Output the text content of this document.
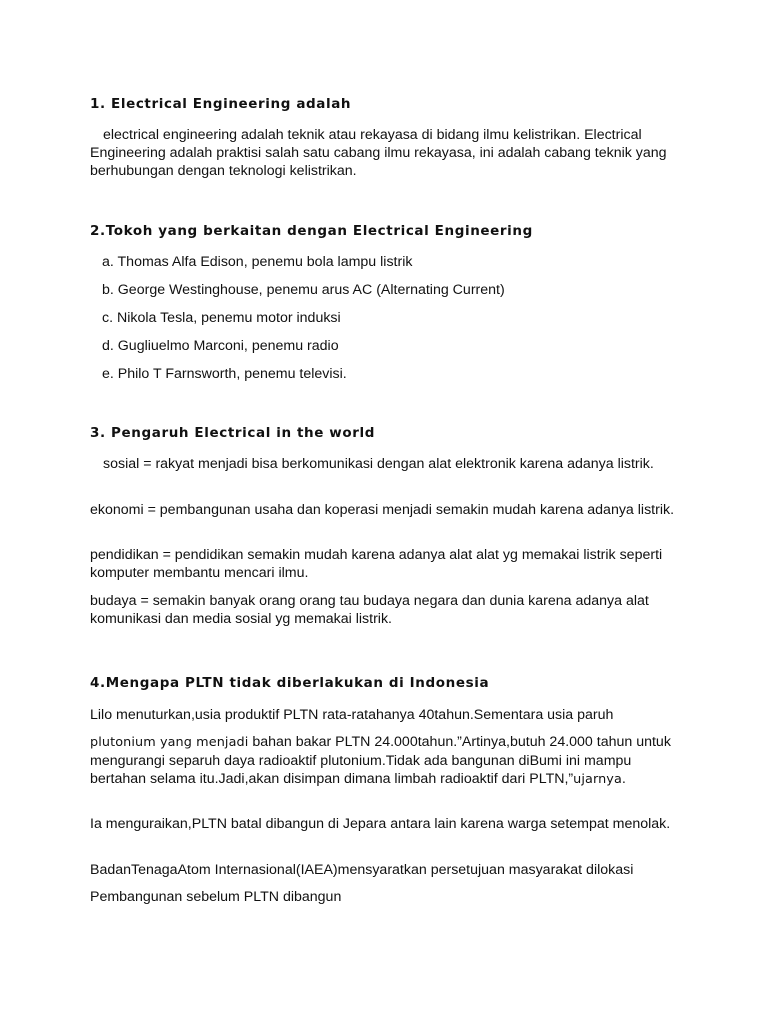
1. Electrical Engineering adalah

electrical engineering adalah teknik atau rekayasa di bidang ilmu kelistrikan. Electrical Engineering adalah praktisi salah satu cabang ilmu rekayasa, ini adalah cabang teknik yang berhubungan dengan teknologi kelistrikan.

2.Tokoh yang berkaitan dengan Electrical Engineering

a. Thomas Alfa Edison, penemu bola lampu listrik

b. George Westinghouse, penemu arus AC (Alternating Current)

c. Nikola Tesla, penemu motor induksi

d. Gugliuelmo Marconi, penemu radio

e. Philo T Farnsworth, penemu televisi.

3. Pengaruh Electrical in the world

sosial = rakyat menjadi bisa berkomunikasi dengan alat elektronik karena adanya listrik.

ekonomi = pembangunan usaha dan koperasi menjadi semakin mudah karena adanya listrik.

pendidikan = pendidikan semakin mudah karena adanya alat alat yg memakai listrik seperti komputer membantu mencari ilmu.

budaya = semakin banyak orang orang tau budaya negara dan dunia karena adanya alat komunikasi dan media sosial yg memakai listrik.

4.Mengapa PLTN tidak diberlakukan di Indonesia

Lilo menuturkan,usia produktif PLTN rata-ratahanya 40tahun.Sementara usia paruh

plutonium yang menjadi bahan bakar PLTN 24.000tahun.”Artinya,butuh 24.000 tahun untuk mengurangi separuh daya radioaktif plutonium.Tidak ada bangunan diBumi ini mampu bertahan selama itu.Jadi,akan disimpan dimana limbah radioaktif dari PLTN,”ujarnya.

Ia menguraikan,PLTN batal dibangun di Jepara antara lain karena warga setempat menolak.

BadanTenagaAtom Internasional(IAEA)mensyaratkan persetujuan masyarakat dilokasi

Pembangunan sebelum PLTN dibangun
